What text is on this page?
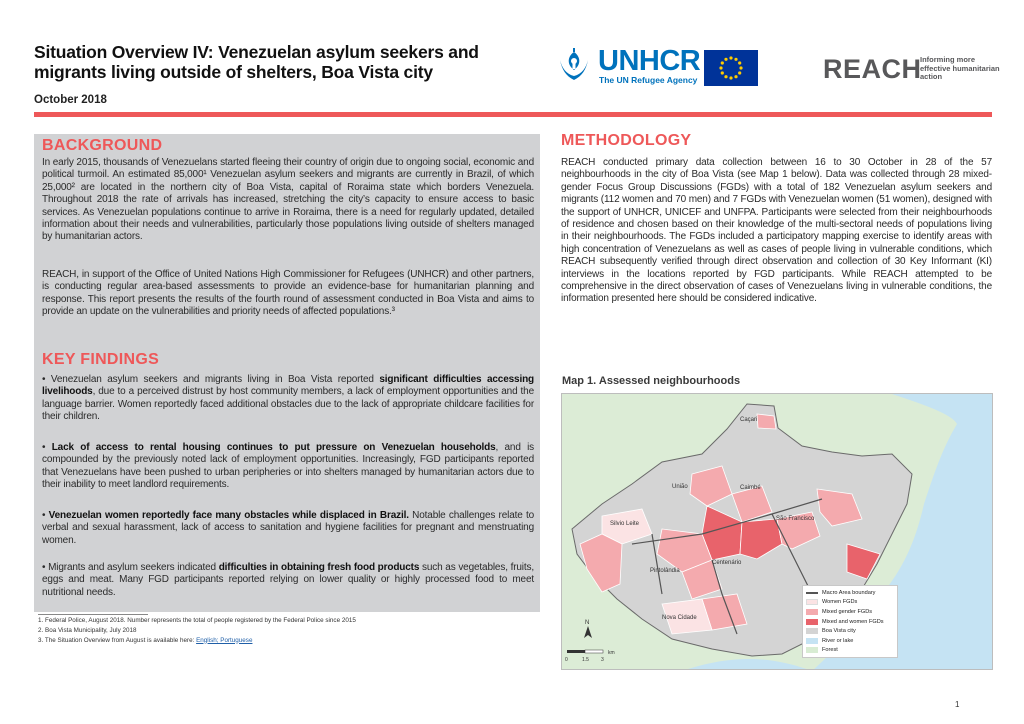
Situation Overview IV: Venezuelan asylum seekers and migrants living outside of shelters, Boa Vista city
October 2018
UNHCR
The UN Refugee Agency	REACH
Informing more effective humanitarian action
BACKGROUND
In early 2015, thousands of Venezuelans started fleeing their country of origin due to ongoing social, economic and political turmoil. An estimated 85,000¹ Venezuelan asylum seekers and migrants are currently in Brazil, of which 25,000² are located in the northern city of Boa Vista, capital of Roraima state which borders Venezuela. Throughout 2018 the rate of arrivals has increased, stretching the city’s capacity to ensure access to basic services. As Venezuelan populations continue to arrive in Roraima, there is a need for regularly updated, detailed information about their needs and vulnerabilities, particularly those populations living outside of shelters managed by humanitarian actors.
REACH, in support of the Office of United Nations High Commissioner for Refugees (UNHCR) and other partners, is conducting regular area-based assessments to provide an evidence-base for humanitarian planning and response. This report presents the results of the fourth round of assessment conducted in Boa Vista and aims to provide an update on the vulnerabilities and priority needs of affected populations.³
KEY FINDINGS
• Venezuelan asylum seekers and migrants living in Boa Vista reported significant difficulties accessing livelihoods, due to a perceived distrust by host community members, a lack of employment opportunities and the language barrier. Women reportedly faced additional obstacles due to the lack of appropriate childcare facilities for their children.
• Lack of access to rental housing continues to put pressure on Venezuelan households, and is compounded by the previously noted lack of employment opportunities. Increasingly, FGD participants reported that Venezuelans have been pushed to urban peripheries or into shelters managed by humanitarian actors due to their inability to meet landlord requirements.
• Venezuelan women reportedly face many obstacles while displaced in Brazil. Notable challenges relate to verbal and sexual harassment, lack of access to sanitation and hygiene facilities for pregnant and menstruating women.
• Migrants and asylum seekers indicated difficulties in obtaining fresh food products such as vegetables, fruits, eggs and meat. Many FGD participants reported relying on lower quality or highly processed food to meet nutritional needs.
1. Federal Police, August 2018. Number represents the total of people registered by the Federal Police since 2015
2. Boa Vista Municipality, July 2018
3. The Situation Overview from August is available here: English; Portuguese
METHODOLOGY
REACH conducted primary data collection between 16 to 30 October in 28 of the 57 neighbourhoods in the city of Boa Vista (see Map 1 below). Data was collected through 28 mixed-gender Focus Group Discussions (FGDs) with a total of 182 Venezuelan asylum seekers and migrants (112 women and 70 men) and 7 FGDs with Venezuelan women (51 women), designed with the support of UNHCR, UNICEF and UNFPA. Participants were selected from their neighbourhoods of residence and chosen based on their knowledge of the multi-sectoral needs of populations living in their neighbourhoods. The FGDs included a participatory mapping exercise to identify areas with high concentration of Venezuelans as well as cases of people living in vulnerable conditions, which REACH subsequently verified through direct observation and collection of 30 Key Informant (KI) interviews in the locations reported by FGD participants. While REACH attempted to be comprehensive in the direct observation of cases of Venezuelans living in vulnerable conditions, the information presented here should be considered indicative.
Map 1. Assessed neighbourhoods
Caçari
União	Caimbé
Silvio Leite
São Francisco
Pintolândia
Centenário
Nova Cidade
N
0	1.5 3
km
Macro Area boundary
Women FGDs
Mixed gender FGDs
Mixed and women FGDs
Boa Vista city
River or lake
Forest
1
